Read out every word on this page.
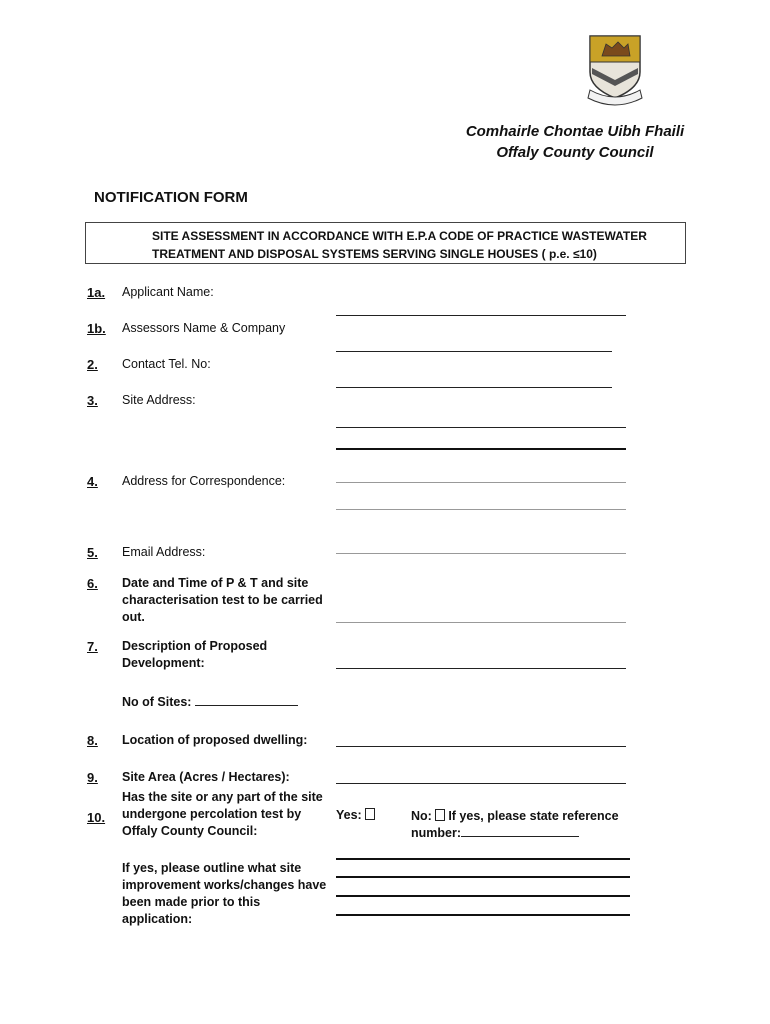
Comhairle Chontae Uibh Fhaili
Offaly County Council
NOTIFICATION FORM
SITE ASSESSMENT IN ACCORDANCE WITH E.P.A CODE OF PRACTICE WASTEWATER
TREATMENT AND DISPOSAL SYSTEMS SERVING SINGLE HOUSES ( p.e. ≤10)
1a. Applicant Name:
1b. Assessors Name & Company
2. Contact Tel. No:
3. Site Address:
4. Address for Correspondence:
5. Email Address:
6. Date and Time of P & T and site characterisation test to be carried out.
7. Description of Proposed Development:
No of Sites:
8. Location of proposed dwelling:
9. Site Area (Acres / Hectares):
10.
Has the site or any part of the site undergone percolation test by Offaly County Council:
Yes:	No: If yes, please state reference number:
If yes, please outline what site improvement works/changes have been made prior to this application:
